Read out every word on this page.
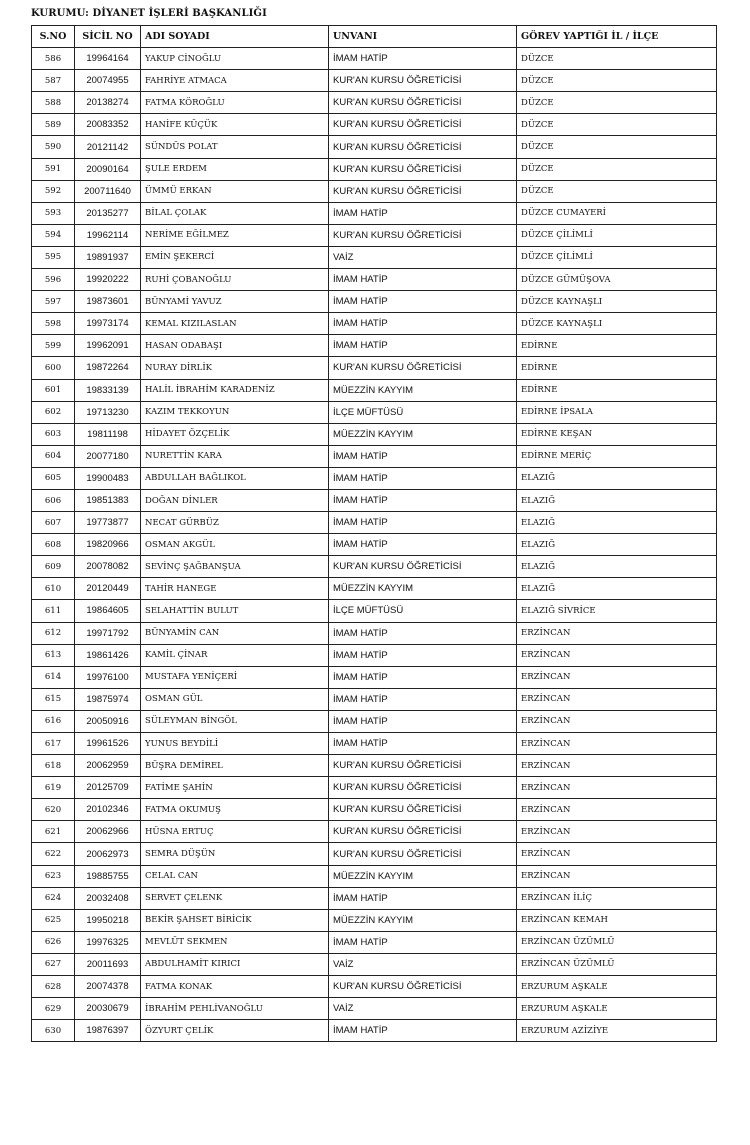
KURUMU: DİYANET İŞLERİ BAŞKANLIĞI
S.NO	SİCİL NO	ADI SOYADI	UNVANI	GÖREV YAPTIĞI İL / İLÇE
586	19964164	YAKUP CİNOĞLU	İMAM HATİP	DÜZCE
587	20074955	FAHRİYE ATMACA	KUR'AN KURSU ÖĞRETİCİSİ	DÜZCE
588	20138274	FATMA KÖROĞLU	KUR'AN KURSU ÖĞRETİCİSİ	DÜZCE
589	20083352	HANİFE KÜÇÜK	KUR'AN KURSU ÖĞRETİCİSİ	DÜZCE
590	20121142	SÜNDÜS POLAT	KUR'AN KURSU ÖĞRETİCİSİ	DÜZCE
591	20090164	ŞULE ERDEM	KUR'AN KURSU ÖĞRETİCİSİ	DÜZCE
592	200711640	ÜMMÜ ERKAN	KUR'AN KURSU ÖĞRETİCİSİ	DÜZCE
593	20135277	BİLAL ÇOLAK	İMAM HATİP	DÜZCE CUMAYERİ
594	19962114	NERİME EĞİLMEZ	KUR'AN KURSU ÖĞRETİCİSİ	DÜZCE ÇİLİMLİ
595	19891937	EMİN ŞEKERCİ	VAİZ	DÜZCE ÇİLİMLİ
596	19920222	RUHİ ÇOBANOĞLU	İMAM HATİP	DÜZCE GÜMÜŞOVA
597	19873601	BÜNYAMİ YAVUZ	İMAM HATİP	DÜZCE KAYNAŞLI
598	19973174	KEMAL KIZILASLAN	İMAM HATİP	DÜZCE KAYNAŞLI
599	19962091	HASAN ODABAŞI	İMAM HATİP	EDİRNE
600	19872264	NURAY DİRLİK	KUR'AN KURSU ÖĞRETİCİSİ	EDİRNE
601	19833139	HALİL İBRAHİM KARADENİZ	MÜEZZİN KAYYIM	EDİRNE
602	19713230	KAZIM TEKKOYUN	İLÇE MÜFTÜSÜ	EDİRNE İPSALA
603	19811198	HİDAYET ÖZÇELİK	MÜEZZİN KAYYIM	EDİRNE KEŞAN
604	20077180	NURETTİN KARA	İMAM HATİP	EDİRNE MERİÇ
605	19900483	ABDULLAH BAĞLIKOL	İMAM HATİP	ELAZIĞ
606	19851383	DOĞAN DİNLER	İMAM HATİP	ELAZIĞ
607	19773877	NECAT GÜRBÜZ	İMAM HATİP	ELAZIĞ
608	19820966	OSMAN AKGÜL	İMAM HATİP	ELAZIĞ
609	20078082	SEVİNÇ ŞAĞBANŞUA	KUR'AN KURSU ÖĞRETİCİSİ	ELAZIĞ
610	20120449	TAHİR HANEGE	MÜEZZİN KAYYIM	ELAZIĞ
611	19864605	SELAHATTİN BULUT	İLÇE MÜFTÜSÜ	ELAZIĞ SİVRİCE
612	19971792	BÜNYAMİN CAN	İMAM HATİP	ERZİNCAN
613	19861426	KAMİL ÇİNAR	İMAM HATİP	ERZİNCAN
614	19976100	MUSTAFA YENİÇERİ	İMAM HATİP	ERZİNCAN
615	19875974	OSMAN GÜL	İMAM HATİP	ERZİNCAN
616	20050916	SÜLEYMAN BİNGÖL	İMAM HATİP	ERZİNCAN
617	19961526	YUNUS BEYDİLİ	İMAM HATİP	ERZİNCAN
618	20062959	BÜŞRA DEMİREL	KUR'AN KURSU ÖĞRETİCİSİ	ERZİNCAN
619	20125709	FATİME ŞAHİN	KUR'AN KURSU ÖĞRETİCİSİ	ERZİNCAN
620	20102346	FATMA OKUMUŞ	KUR'AN KURSU ÖĞRETİCİSİ	ERZİNCAN
621	20062966	HÜSNA ERTUÇ	KUR'AN KURSU ÖĞRETİCİSİ	ERZİNCAN
622	20062973	SEMRA DÜŞÜN	KUR'AN KURSU ÖĞRETİCİSİ	ERZİNCAN
623	19885755	CELAL CAN	MÜEZZİN KAYYIM	ERZİNCAN
624	20032408	SERVET ÇELENK	İMAM HATİP	ERZİNCAN İLİÇ
625	19950218	BEKİR ŞAHSET BİRİCİK	MÜEZZİN KAYYIM	ERZİNCAN KEMAH
626	19976325	MEVLÜT SEKMEN	İMAM HATİP	ERZİNCAN ÜZÜMLÜ
627	20011693	ABDULHAMİT KIRICI	VAİZ	ERZİNCAN ÜZÜMLÜ
628	20074378	FATMA KONAK	KUR'AN KURSU ÖĞRETİCİSİ	ERZURUM AŞKALE
629	20030679	İBRAHİM PEHLİVANOĞLU	VAİZ	ERZURUM AŞKALE
630	19876397	ÖZYURT ÇELİK	İMAM HATİP	ERZURUM AZİZİYE
